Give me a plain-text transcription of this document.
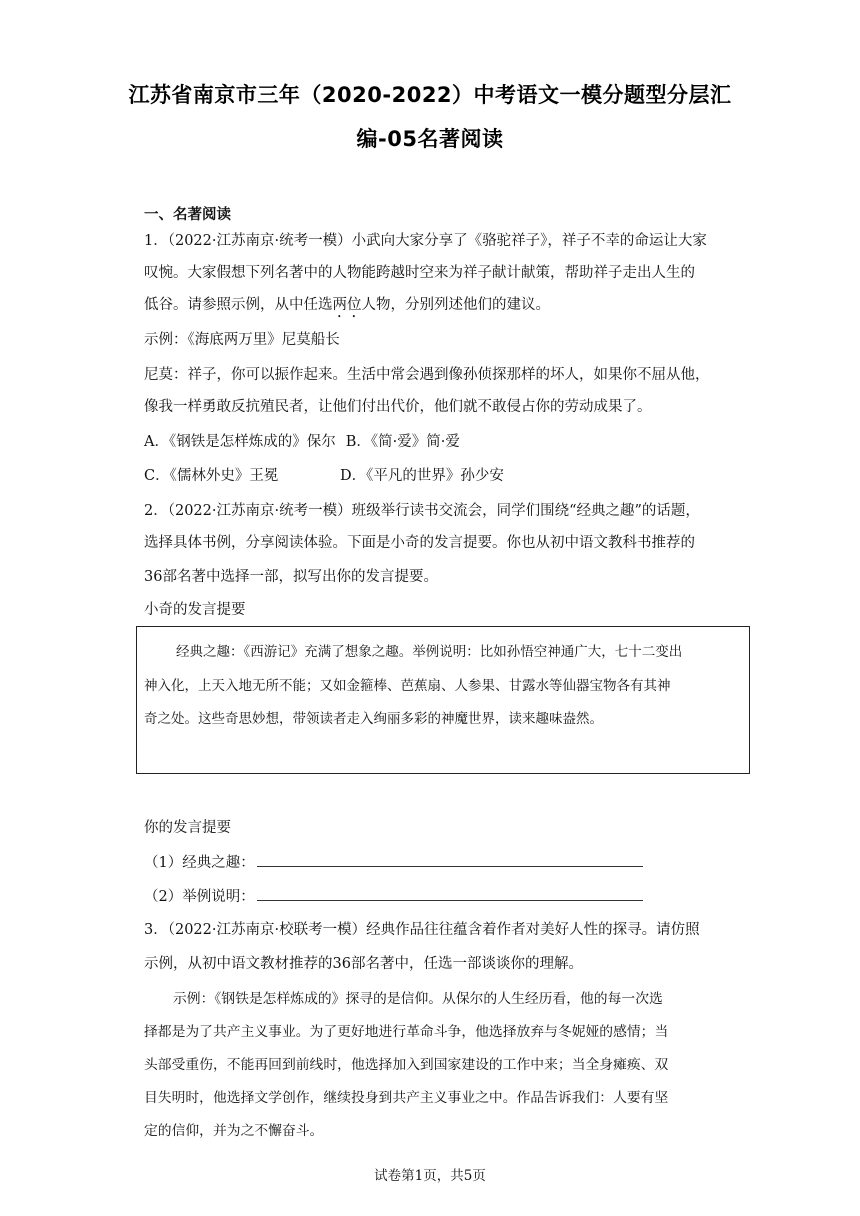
江苏省南京市三年（2020-2022）中考语文一模分题型分层汇
编-05名著阅读
一、名著阅读
1．（2022·江苏南京·统考一模）小武向大家分享了《骆驼祥子》，祥子不幸的命运让大家
叹惋。大家假想下列名著中的人物能跨越时空来为祥子献计献策，帮助祥子走出人生的
低谷。请参照示例，从中任选两位人物，分别列述他们的建议。
示例：《海底两万里》尼莫船长
尼莫：祥子，你可以振作起来。生活中常会遇到像孙侦探那样的坏人，如果你不屈从他，
像我一样勇敢反抗殖民者，让他们付出代价，他们就不敢侵占你的劳动成果了。
A．《钢铁是怎样炼成的》保尔 B．《简·爱》简·爱
C．《儒林外史》王冕	D．《平凡的世界》孙少安
2．（2022·江苏南京·统考一模）班级举行读书交流会，同学们围绕“经典之趣”的话题，
选择具体书例，分享阅读体验。下面是小奇的发言提要。你也从初中语文教科书推荐的
36部名著中选择一部，拟写出你的发言提要。
小奇的发言提要
经典之趣：《西游记》充满了想象之趣。举例说明：比如孙悟空神通广大，七十二变出
神入化，上天入地无所不能；又如金箍棒、芭蕉扇、人参果、甘露水等仙器宝物各有其神
奇之处。这些奇思妙想，带领读者走入绚丽多彩的神魔世界，读来趣味盎然。
你的发言提要
（1）经典之趣：
（2）举例说明：
3．（2022·江苏南京·校联考一模）经典作品往往蕴含着作者对美好人性的探寻。请仿照
示例，从初中语文教材推荐的36部名著中，任选一部谈谈你的理解。
示例：《钢铁是怎样炼成的》探寻的是信仰。从保尔的人生经历看，他的每一次选
择都是为了共产主义事业。为了更好地进行革命斗争，他选择放弃与冬妮娅的感情；当
头部受重伤，不能再回到前线时，他选择加入到国家建设的工作中来；当全身瘫痪、双
目失明时，他选择文学创作，继续投身到共产主义事业之中。作品告诉我们：人要有坚
定的信仰，并为之不懈奋斗。
试卷第1页，共5页
